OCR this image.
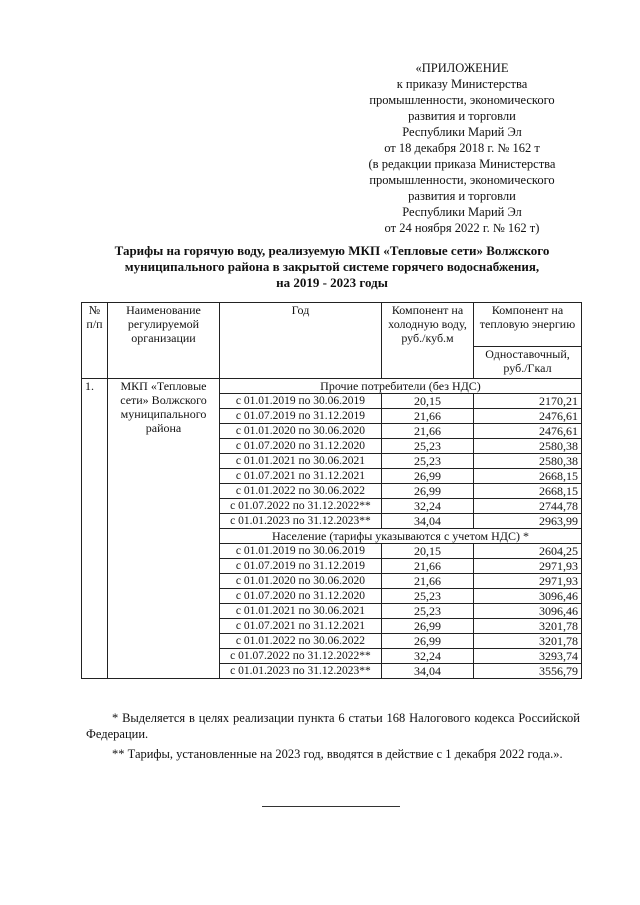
«ПРИЛОЖЕНИЕ
к приказу Министерства
промышленности, экономического
развития и торговли
Республики Марий Эл
от 18 декабря 2018 г. № 162 т
(в редакции приказа Министерства
промышленности, экономического
развития и торговли
Республики Марий Эл
от 24 ноября 2022 г. № 162 т)
Тарифы на горячую воду, реализуемую МКП «Тепловые сети» Волжского
муниципального района в закрытой системе горячего водоснабжения,
на 2019 - 2023 годы
№ п/п	Наименование регулируемой организации	Год	Компонент на холодную воду, руб./куб.м	Компонент на тепловую энергию
				Одноставочный, руб./Гкал
1.	МКП «Тепловые сети» Волжского муниципального района	Прочие потребители (без НДС)		
		с 01.01.2019 по 30.06.2019	20,15	2170,21
		с 01.07.2019 по 31.12.2019	21,66	2476,61
		с 01.01.2020 по 30.06.2020	21,66	2476,61
		с 01.07.2020 по 31.12.2020	25,23	2580,38
		с 01.01.2021 по 30.06.2021	25,23	2580,38
		с 01.07.2021 по 31.12.2021	26,99	2668,15
		с 01.01.2022 по 30.06.2022	26,99	2668,15
		с 01.07.2022 по 31.12.2022**	32,24	2744,78
		с 01.01.2023 по 31.12.2023**	34,04	2963,99
		Население (тарифы указываются с учетом НДС) *		
		с 01.01.2019 по 30.06.2019	20,15	2604,25
		с 01.07.2019 по 31.12.2019	21,66	2971,93
		с 01.01.2020 по 30.06.2020	21,66	2971,93
		с 01.07.2020 по 31.12.2020	25,23	3096,46
		с 01.01.2021 по 30.06.2021	25,23	3096,46
		с 01.07.2021 по 31.12.2021	26,99	3201,78
		с 01.01.2022 по 30.06.2022	26,99	3201,78
		с 01.07.2022 по 31.12.2022**	32,24	3293,74
		с 01.01.2023 по 31.12.2023**	34,04	3556,79

* Выделяется в целях реализации пункта 6 статьи 168 Налогового кодекса Российской Федерации.

** Тарифы, установленные на 2023 год, вводятся в действие с 1 декабря 2022 года.».
